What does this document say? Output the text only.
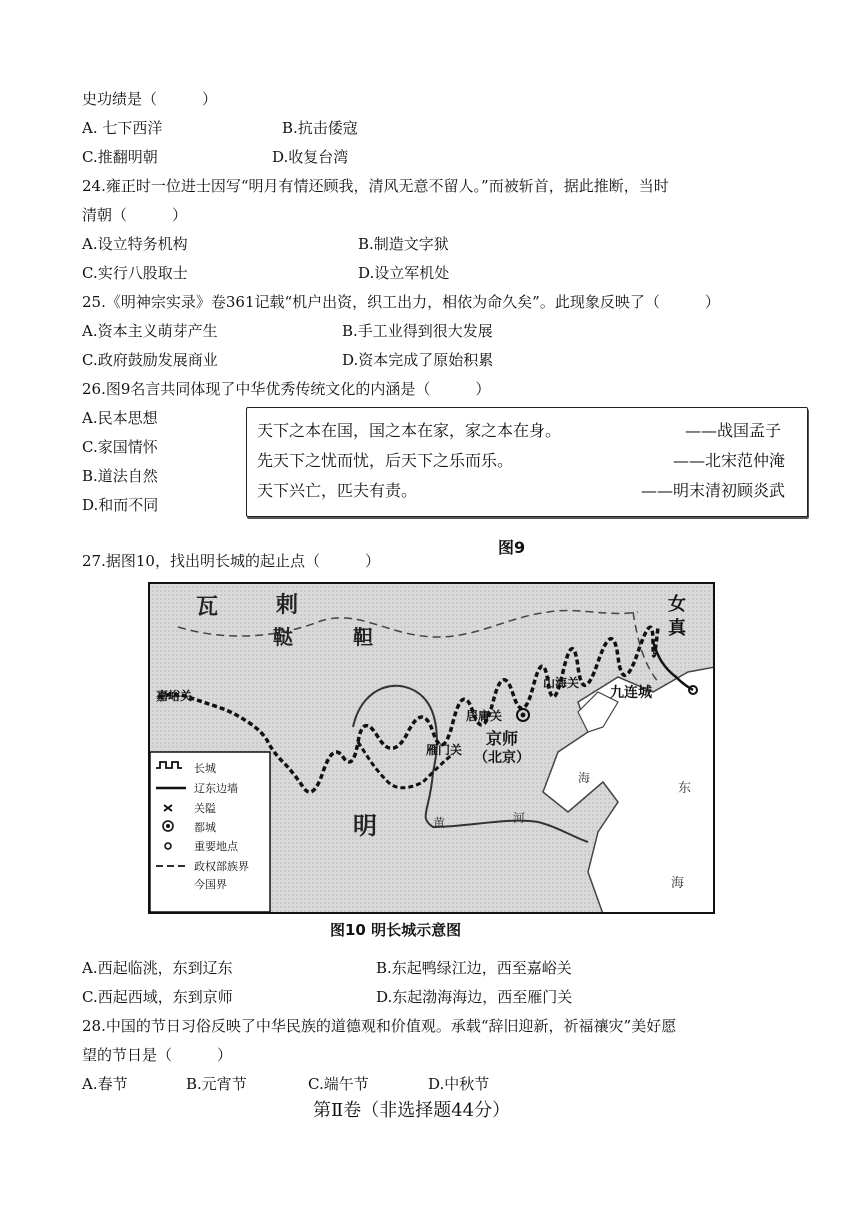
史功绩是（　　　）
A. 七下西洋	B.抗击倭寇
C.推翻明朝	D.收复台湾
24.雍正时一位进士因写“明月有情还顾我，清风无意不留人。”而被斩首，据此推断，当时
清朝（　　　）
A.设立特务机构	B.制造文字狱
C.实行八股取士	D.设立军机处
25.《明神宗实录》卷361记载“机户出资，织工出力，相依为命久矣”。此现象反映了（　　　）
A.资本主义萌芽产生	B.手工业得到很大发展
C.政府鼓励发展商业	D.资本完成了原始积累
26.图9名言共同体现了中华优秀传统文化的内涵是（　　　）
A.民本思想
C.家国情怀
B.道法自然
D.和而不同
天下之本在国，国之本在家，家之本在身。	——战国孟子
先天下之忧而忧，后天下之乐而乐。	——北宋范仲淹
天下兴亡，匹夫有责。	——明末清初顾炎武
图9
27.据图10，找出明长城的起止点（　　　）
瓦	剌
鞑	靼
女
真
明
嘉峪关
山海关
居庸关
雁门关
京师
（北京）
九连城
河
黄
海
东
海
长城
辽东边墙
关隘
都城
重要地点
政权部族界
今国界
图10 明长城示意图
A.西起临洮，东到辽东	B.东起鸭绿江边，西至嘉峪关
C.西起西域，东到京师	D.东起渤海海边，西至雁门关
28.中国的节日习俗反映了中华民族的道德观和价值观。承载“辞旧迎新，祈福禳灾”美好愿
望的节日是（　　　）
A.春节	B.元宵节	C.端午节	D.中秋节
第Ⅱ卷（非选择题44分）
